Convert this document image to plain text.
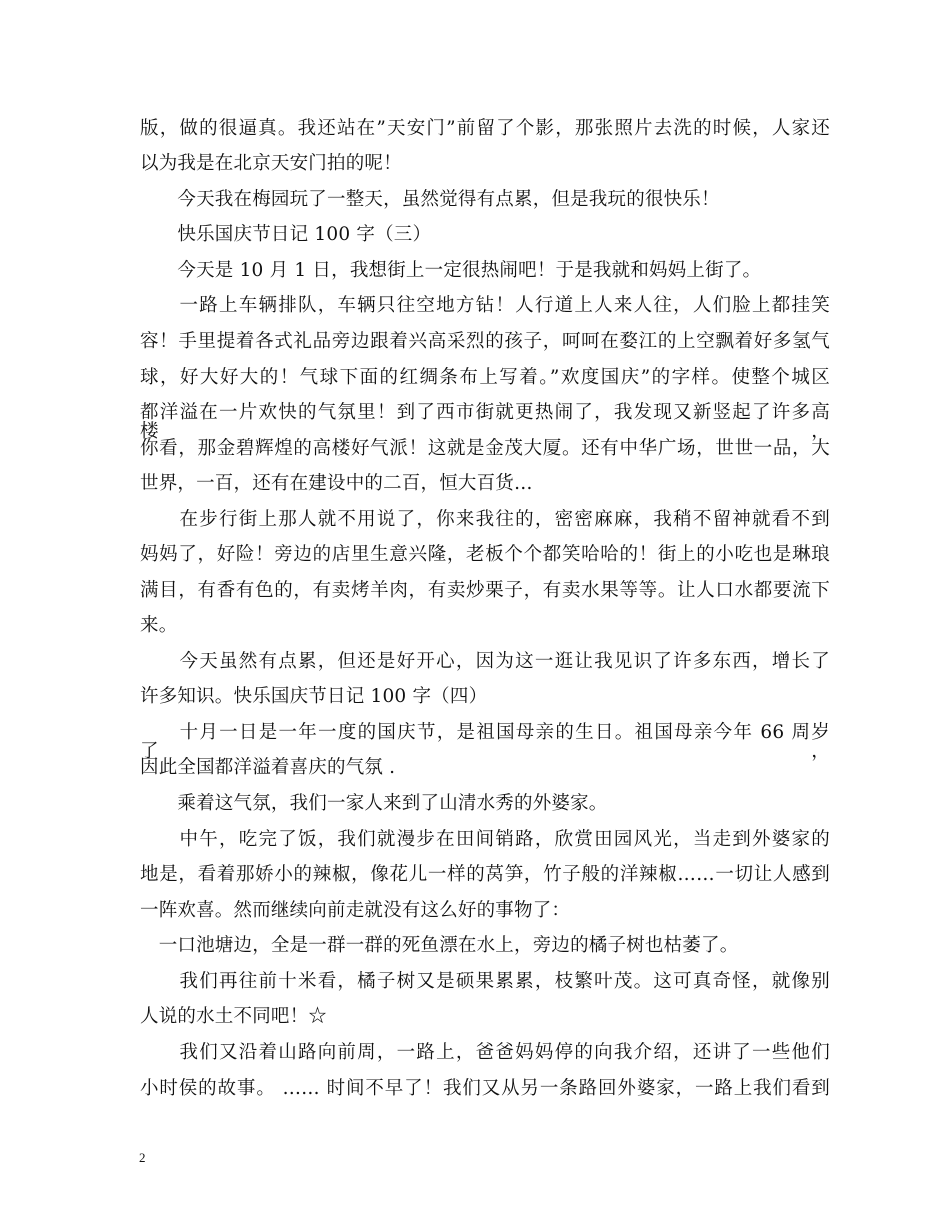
版，做的很逼真。我还站在”天安门”前留了个影，那张照片去洗的时候，人家还
以为我是在北京天安门拍的呢！
　　今天我在梅园玩了一整天，虽然觉得有点累，但是我玩的很快乐！
　　快乐国庆节日记 100 字（三）
　　今天是 10 月 1 日，我想街上一定很热闹吧！于是我就和妈妈上街了。
　　一路上车辆排队，车辆只往空地方钻！人行道上人来人往，人们脸上都挂笑
容！手里提着各式礼品旁边跟着兴高采烈的孩子，呵呵在婺江的上空飘着好多氢气
球，好大好大的！气球下面的红绸条布上写着。”欢度国庆”的字样。使整个城区
都洋溢在一片欢快的气氛里！到了西市街就更热闹了，我发现又新竖起了许多高楼，
你看，那金碧辉煌的高楼好气派！这就是金茂大厦。还有中华广场，世世一品，大
世界，一百，还有在建设中的二百，恒大百货…
　　在步行街上那人就不用说了，你来我往的，密密麻麻，我稍不留神就看不到
妈妈了，好险！旁边的店里生意兴隆，老板个个都笑哈哈的！街上的小吃也是琳琅
满目，有香有色的，有卖烤羊肉，有卖炒栗子，有卖水果等等。让人口水都要流下
来。
　　今天虽然有点累，但还是好开心，因为这一逛让我见识了许多东西，增长了
许多知识。快乐国庆节日记 100 字（四）
　　十月一日是一年一度的国庆节，是祖国母亲的生日。祖国母亲今年 66 周岁了，
因此全国都洋溢着喜庆的气氛 .
　　乘着这气氛，我们一家人来到了山清水秀的外婆家。
　　中午，吃完了饭，我们就漫步在田间销路，欣赏田园风光，当走到外婆家的
地是，看着那娇小的辣椒，像花儿一样的莴笋，竹子般的洋辣椒……一切让人感到
一阵欢喜。然而继续向前走就没有这么好的事物了：
　一口池塘边，全是一群一群的死鱼漂在水上，旁边的橘子树也枯萎了。
　　我们再往前十米看，橘子树又是硕果累累，枝繁叶茂。这可真奇怪，就像别
人说的水土不同吧！☆
　　我们又沿着山路向前周，一路上，爸爸妈妈停的向我介绍，还讲了一些他们
小时侯的故事。 …… 时间不早了！我们又从另一条路回外婆家，一路上我们看到
2
